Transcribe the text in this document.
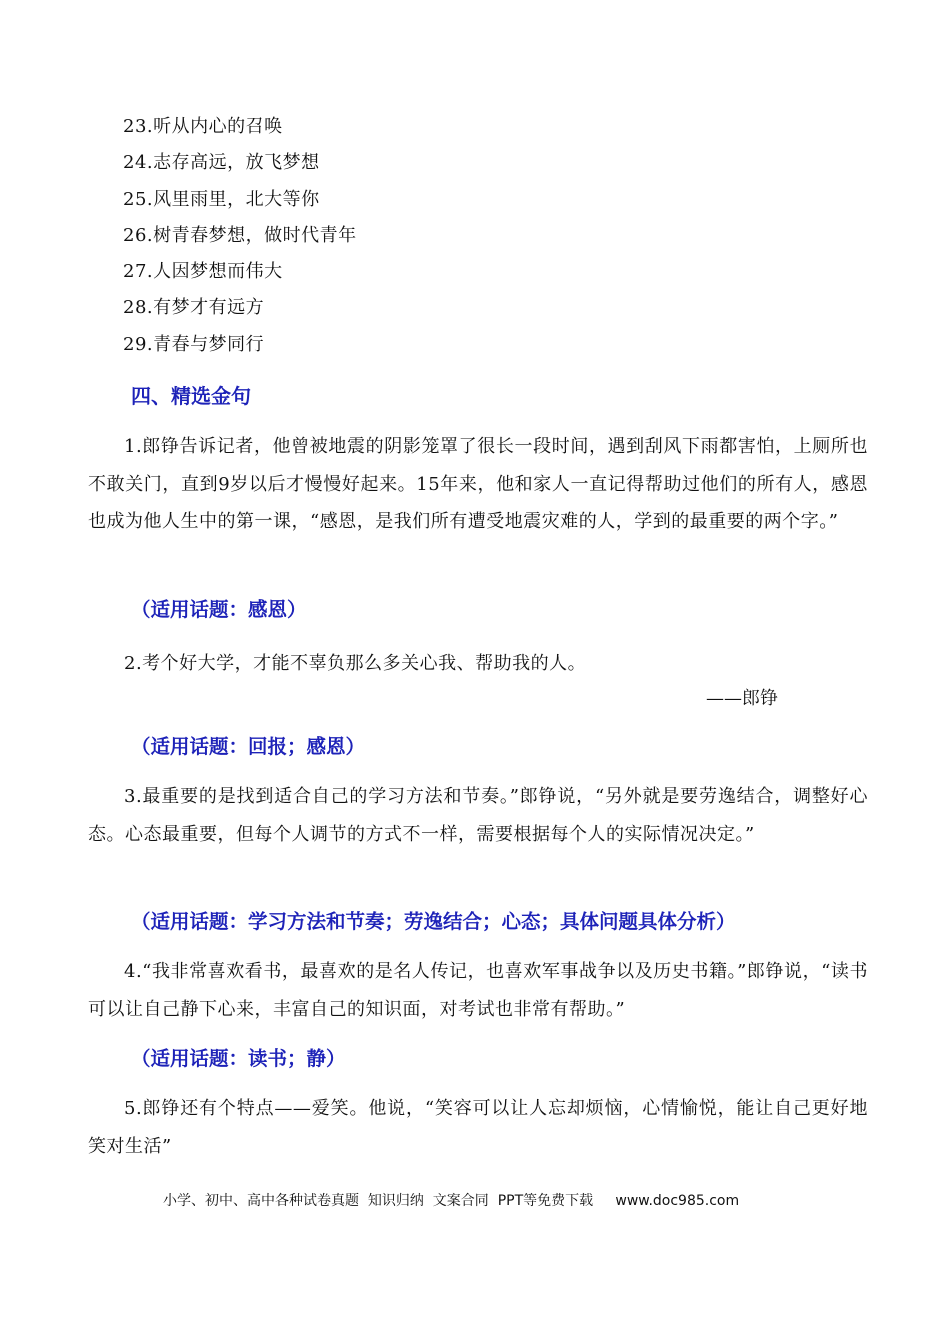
23.听从内心的召唤
24.志存高远，放飞梦想
25.风里雨里，北大等你
26.树青春梦想，做时代青年
27.人因梦想而伟大
28.有梦才有远方
29.青春与梦同行
四、精选金句

1.郎铮告诉记者，他曾被地震的阴影笼罩了很长一段时间，遇到刮风下雨都害怕，上厕所也不敢关门，直到9岁以后才慢慢好起来。15年来，他和家人一直记得帮助过他们的所有人，感恩也成为他人生中的第一课，“感恩，是我们所有遭受地震灾难的人，学到的最重要的两个字。”

（适用话题：感恩）

2.考个好大学，才能不辜负那么多关心我、帮助我的人。

——郎铮

（适用话题：回报；感恩）

3.最重要的是找到适合自己的学习方法和节奏。”郎铮说，“另外就是要劳逸结合，调整好心态。心态最重要，但每个人调节的方式不一样，需要根据每个人的实际情况决定。”

（适用话题：学习方法和节奏；劳逸结合；心态；具体问题具体分析）

4.“我非常喜欢看书，最喜欢的是名人传记，也喜欢军事战争以及历史书籍。”郎铮说，“读书可以让自己静下心来，丰富自己的知识面，对考试也非常有帮助。”

（适用话题：读书；静）

5.郎铮还有个特点——爱笑。他说，“笑容可以让人忘却烦恼，心情愉悦，能让自己更好地笑对生活”

小学、初中、高中各种试卷真题  知识归纳  文案合同  PPT等免费下载     www.doc985.com
